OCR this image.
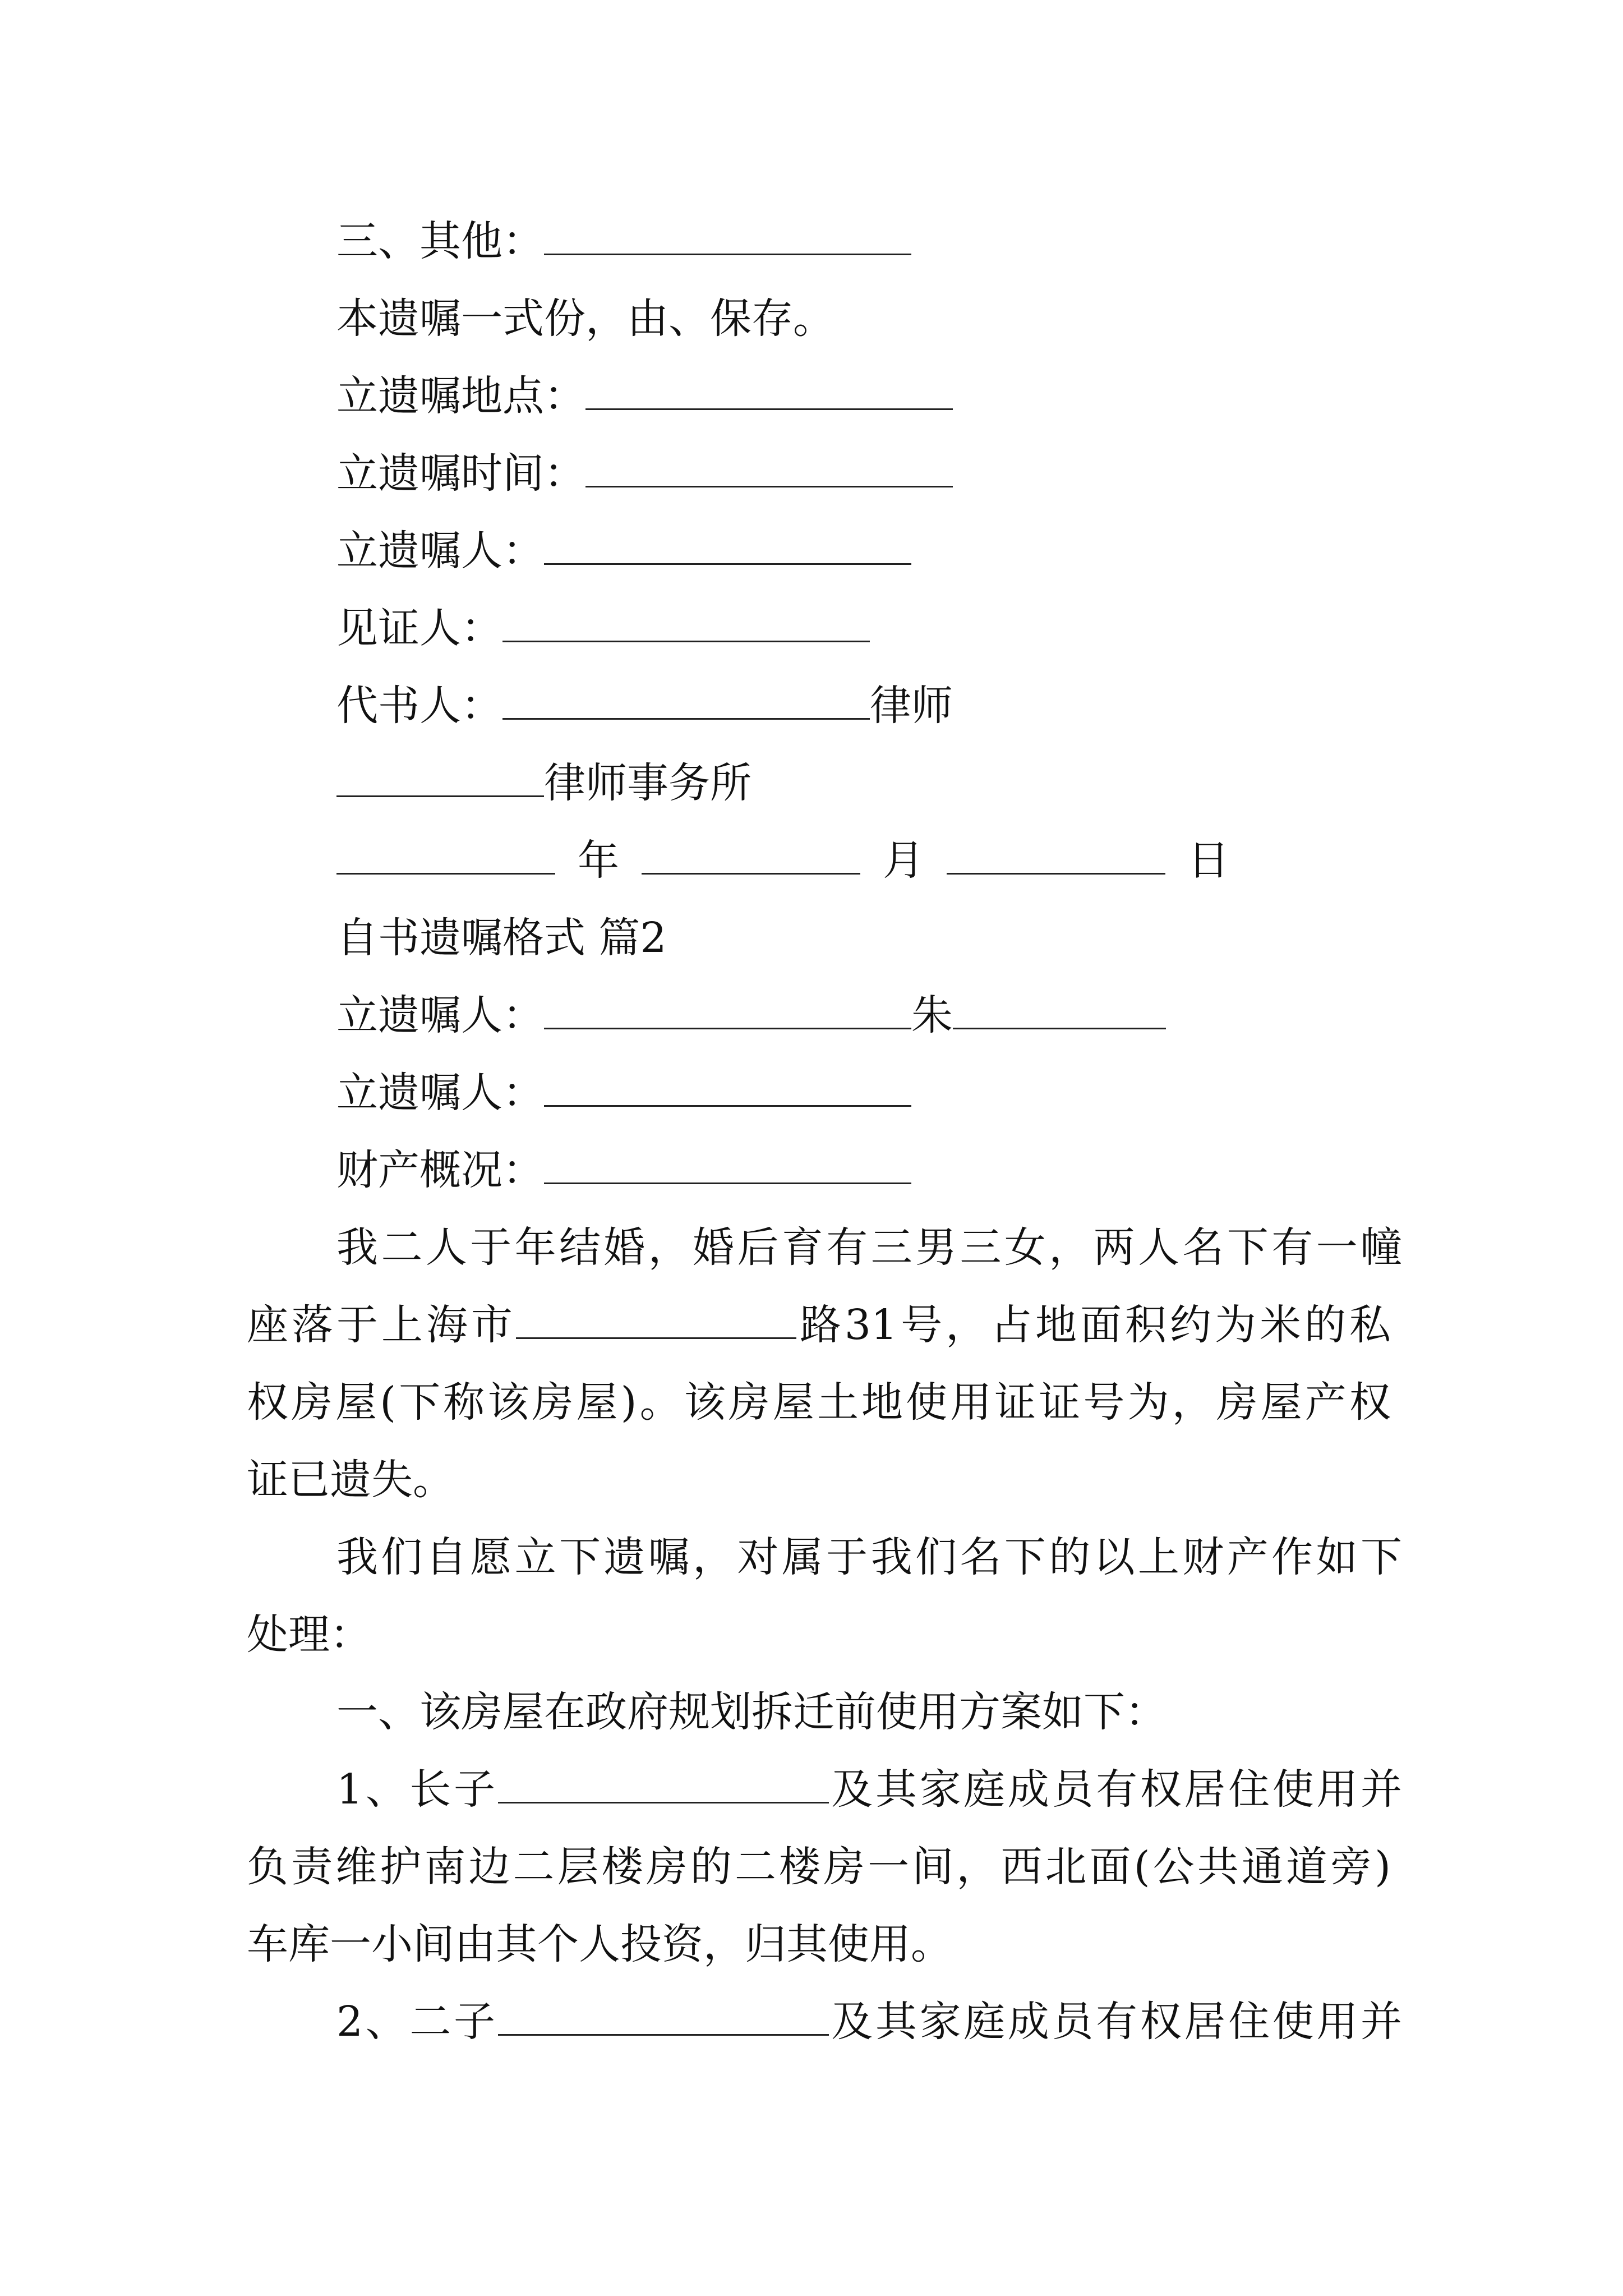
三、其他：
本遗嘱一式份，由、保存。
立遗嘱地点：
立遗嘱时间：
立遗嘱人：
见证人：
代书人：	律师
律师事务所
年	月	日
自书遗嘱格式 篇2
立遗嘱人：	朱
立遗嘱人：
财产概况：
我二人于年结婚，婚后育有三男三女，两人名下有一幢
座落于上海市	路31号，占地面积约为米的私
权房屋(下称该房屋)。该房屋土地使用证证号为，房屋产权
证已遗失。
我们自愿立下遗嘱，对属于我们名下的以上财产作如下
处理：
一、该房屋在政府规划拆迁前使用方案如下：
1、长子	及其家庭成员有权居住使用并
负责维护南边二层楼房的二楼房一间，西北面(公共通道旁)
车库一小间由其个人投资，归其使用。
2、二子	及其家庭成员有权居住使用并
